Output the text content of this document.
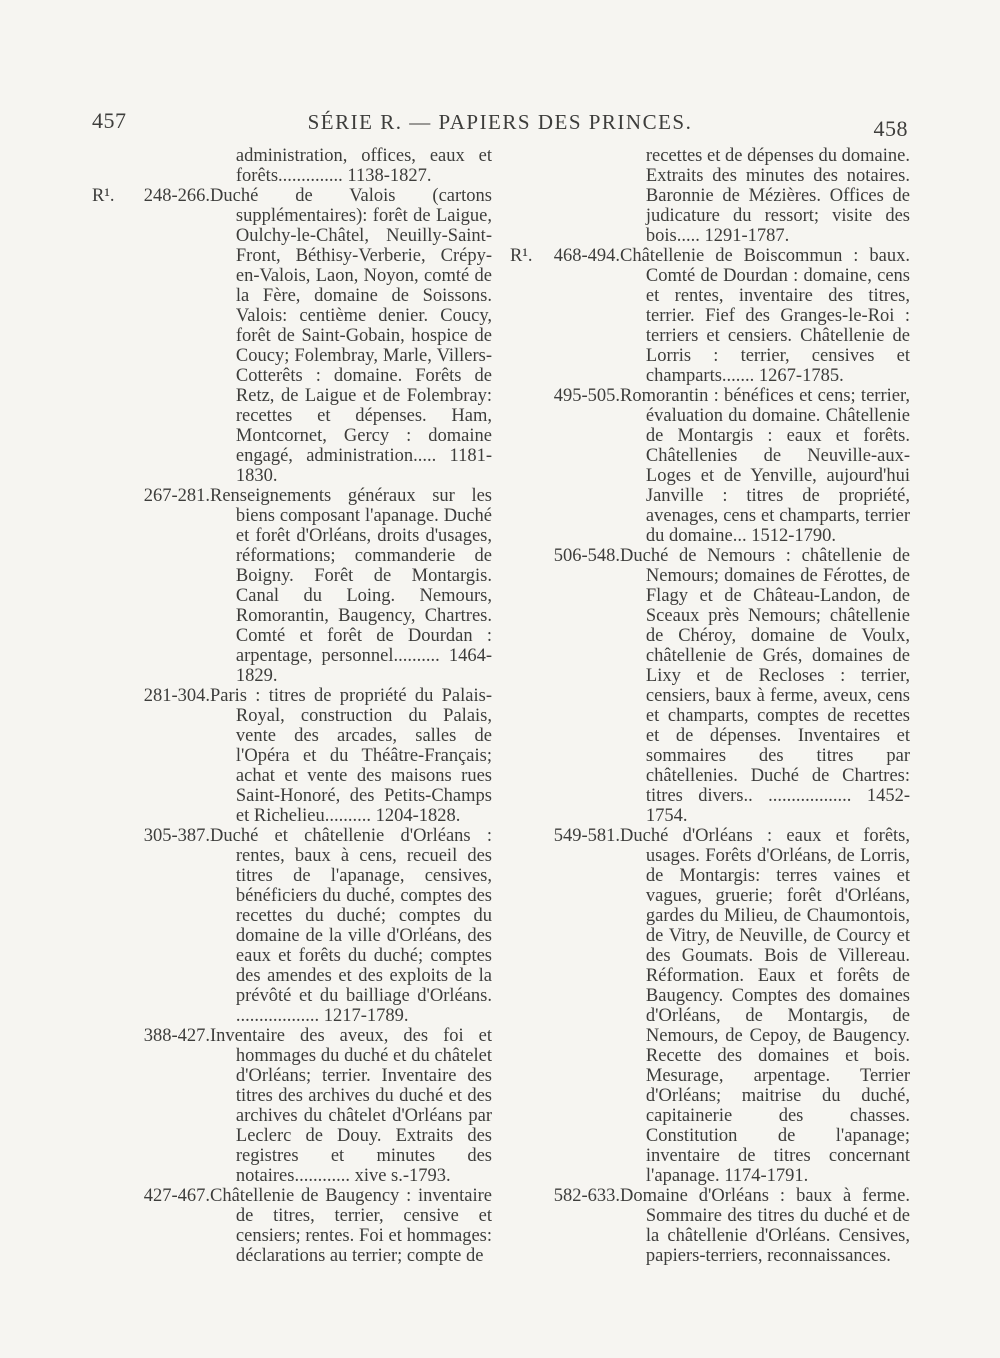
457	SÉRIE R. — PAPIERS DES PRINCES.	458
administration, offices, eaux et forêts.............. 1138-1827.
R¹. 248-266. Duché de Valois (cartons supplémentaires): forêt de Laigue, Oulchy-le-Châtel, Neuilly-Saint-Front, Béthisy-Verberie, Crépy-en-Valois, Laon, Noyon, comté de la Fère, domaine de Soissons. Valois: centième denier. Coucy, forêt de Saint-Gobain, hospice de Coucy; Folembray, Marle, Villers-Cotterêts : domaine. Forêts de Retz, de Laigue et de Folembray: recettes et dépenses. Ham, Montcornet, Gercy : domaine engagé, administration..... 1181-1830.
267-281. Renseignements généraux sur les biens composant l'apanage. Duché et forêt d'Orléans, droits d'usages, réformations; commanderie de Boigny. Forêt de Montargis. Canal du Loing. Nemours, Romorantin, Baugency, Chartres. Comté et forêt de Dourdan : arpentage, personnel.......... 1464-1829.
281-304. Paris : titres de propriété du Palais-Royal, construction du Palais, vente des arcades, salles de l'Opéra et du Théâtre-Français; achat et vente des maisons rues Saint-Honoré, des Petits-Champs et Richelieu.......... 1204-1828.
305-387. Duché et châtellenie d'Orléans : rentes, baux à cens, recueil des titres de l'apanage, censives, bénéficiers du duché, comptes des recettes du duché; comptes du domaine de la ville d'Orléans, des eaux et forêts du duché; comptes des amendes et des exploits de la prévôté et du bailliage d'Orléans. .................. 1217-1789.
388-427. Inventaire des aveux, des foi et hommages du duché et du châtelet d'Orléans; terrier. Inventaire des titres des archives du duché et des archives du châtelet d'Orléans par Leclerc de Douy. Extraits des registres et minutes des notaires............ xive s.-1793.
427-467. Châtellenie de Baugency : inventaire de titres, terrier, censive et censiers; rentes. Foi et hommages: déclarations au terrier; compte de
recettes et de dépenses du domaine. Extraits des minutes des notaires. Baronnie de Mézières. Offices de judicature du ressort; visite des bois..... 1291-1787.
R¹. 468-494. Châtellenie de Boiscommun : baux. Comté de Dourdan : domaine, cens et rentes, inventaire des titres, terrier. Fief des Granges-le-Roi : terriers et censiers. Châtellenie de Lorris : terrier, censives et champarts....... 1267-1785.
495-505. Romorantin : bénéfices et cens; terrier, évaluation du domaine. Châtellenie de Montargis : eaux et forêts. Châtellenies de Neuville-aux-Loges et de Yenville, aujourd'hui Janville : titres de propriété, avenages, cens et champarts, terrier du domaine... 1512-1790.
506-548. Duché de Nemours : châtellenie de Nemours; domaines de Férottes, de Flagy et de Château-Landon, de Sceaux près Nemours; châtellenie de Chéroy, domaine de Voulx, châtellenie de Grés, domaines de Lixy et de Recloses : terrier, censiers, baux à ferme, aveux, cens et champarts, comptes de recettes et de dépenses. Inventaires et sommaires des titres par châtellenies. Duché de Chartres: titres divers.. .................. 1452-1754.
549-581. Duché d'Orléans : eaux et forêts, usages. Forêts d'Orléans, de Lorris, de Montargis: terres vaines et vagues, gruerie; forêt d'Orléans, gardes du Milieu, de Chaumontois, de Vitry, de Neuville, de Courcy et des Goumats. Bois de Villereau. Réformation. Eaux et forêts de Baugency. Comptes des domaines d'Orléans, de Montargis, de Nemours, de Cepoy, de Baugency. Recette des domaines et bois. Mesurage, arpentage. Terrier d'Orléans; maitrise du duché, capitainerie des chasses. Constitution de l'apanage; inventaire de titres concernant l'apanage. 1174-1791.
582-633. Domaine d'Orléans : baux à ferme. Sommaire des titres du duché et de la châtellenie d'Orléans. Censives, papiers-terriers, reconnaissances.
